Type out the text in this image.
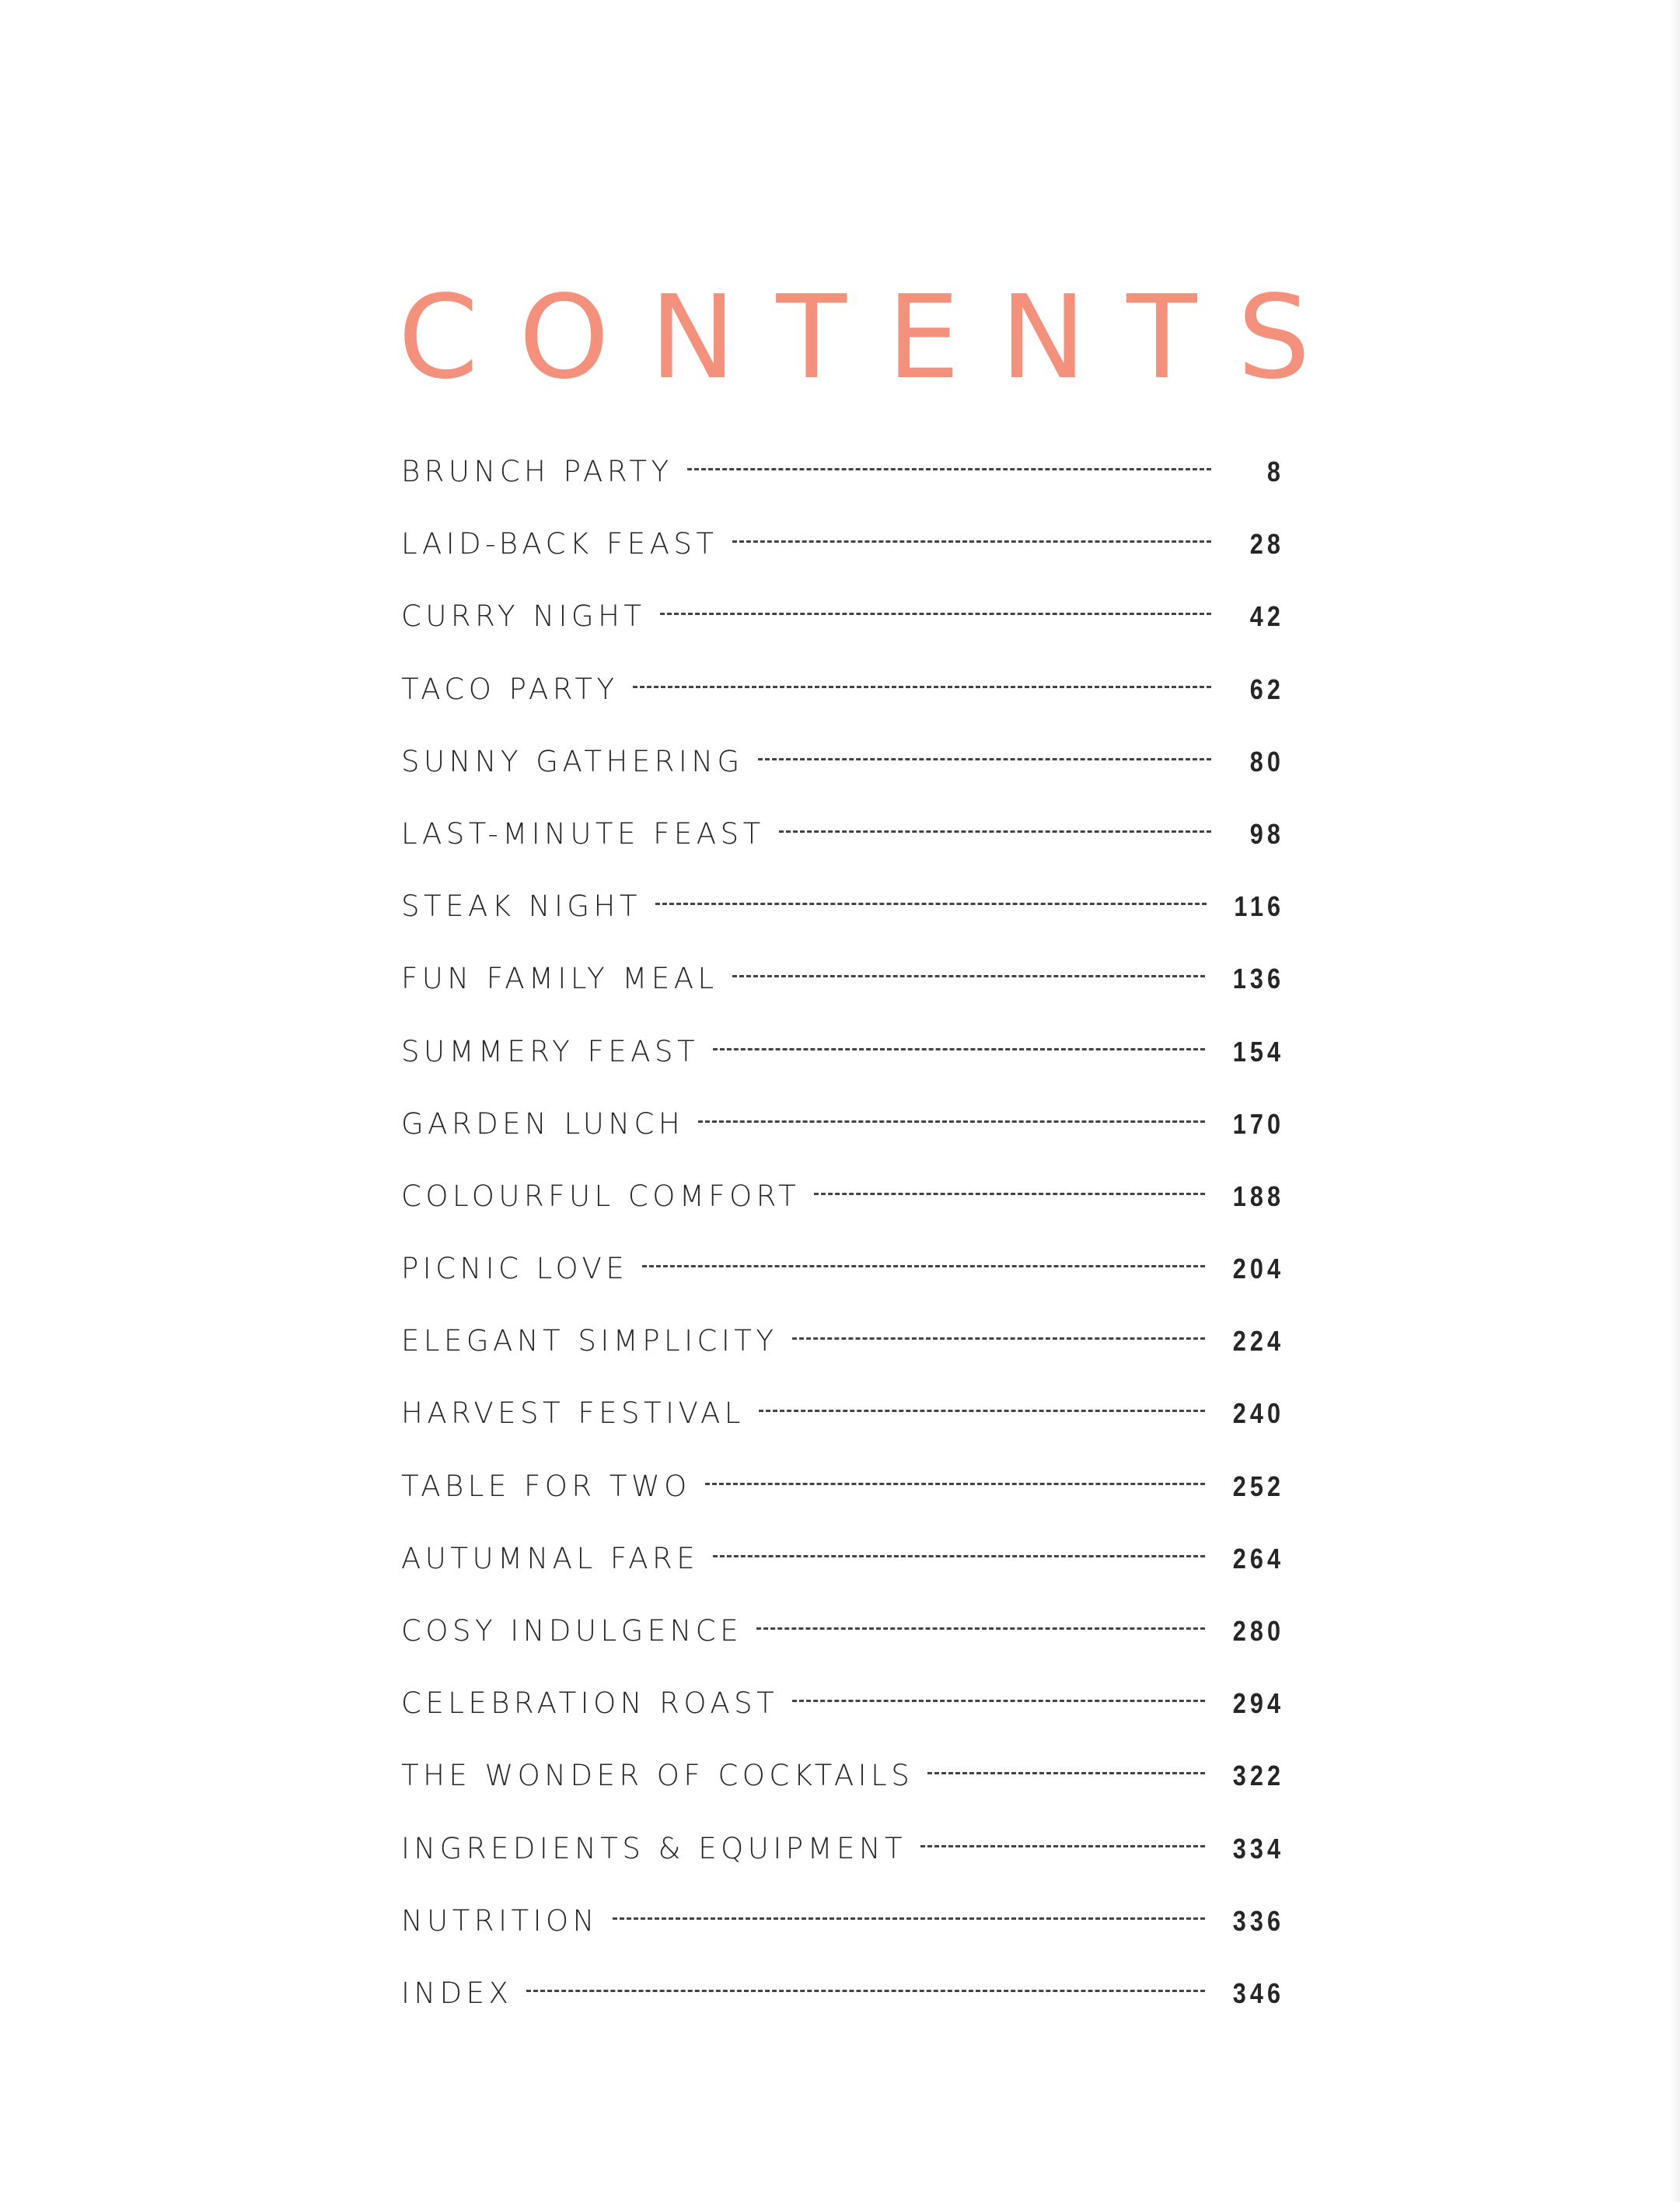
CONTENTS
BRUNCH PARTY	8
LAID-BACK FEAST	28
CURRY NIGHT	42
TACO PARTY	62
SUNNY GATHERING	80
LAST-MINUTE FEAST	98
STEAK NIGHT	116
FUN FAMILY MEAL	136
SUMMERY FEAST	154
GARDEN LUNCH	170
COLOURFUL COMFORT	188
PICNIC LOVE	204
ELEGANT SIMPLICITY	224
HARVEST FESTIVAL	240
TABLE FOR TWO	252
AUTUMNAL FARE	264
COSY INDULGENCE	280
CELEBRATION ROAST	294
THE WONDER OF COCKTAILS	322
INGREDIENTS & EQUIPMENT	334
NUTRITION	336
INDEX	346
